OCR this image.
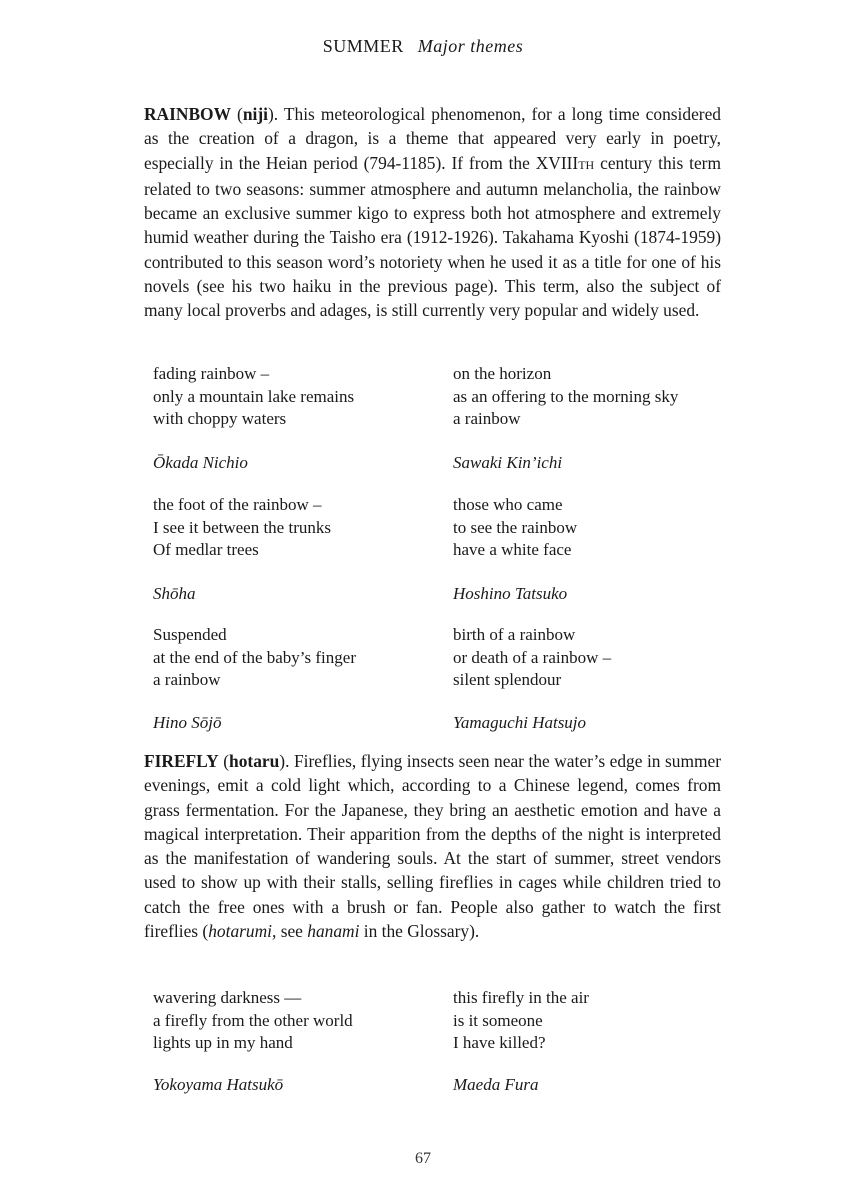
SUMMER Major themes
RAINBOW (niji). This meteorological phenomenon, for a long time considered as the creation of a dragon, is a theme that appeared very early in poetry, especially in the Heian period (794-1185). If from the XVIIITH century this term related to two seasons: summer atmosphere and autumn melancholia, the rainbow became an exclusive summer kigo to express both hot atmosphere and extremely humid weather during the Taisho era (1912-1926). Takahama Kyoshi (1874-1959) contributed to this season word’s notoriety when he used it as a title for one of his novels (see his two haiku in the previous page). This term, also the subject of many local proverbs and adages, is still currently very popular and widely used.
fading rainbow –
only a mountain lake remains
with choppy waters
on the horizon
as an offering to the morning sky
a rainbow
Ōkada Nichio	Sawaki Kin’ichi
the foot of the rainbow –
I see it between the trunks
Of medlar trees
those who came
to see the rainbow
have a white face
Shōha	Hoshino Tatsuko
Suspended
at the end of the baby’s finger
a rainbow
birth of a rainbow
or death of a rainbow –
silent splendour
Hino Sōjō	Yamaguchi Hatsujo
FIREFLY (hotaru). Fireflies, flying insects seen near the water’s edge in summer evenings, emit a cold light which, according to a Chinese legend, comes from grass fermentation. For the Japanese, they bring an aesthetic emotion and have a magical interpretation. Their apparition from the depths of the night is interpreted as the manifestation of wandering souls. At the start of summer, street vendors used to show up with their stalls, selling fireflies in cages while children tried to catch the free ones with a brush or fan. People also gather to watch the first fireflies (hotarumi, see hanami in the Glossary).
wavering darkness —
a firefly from the other world
lights up in my hand
this firefly in the air
is it someone
I have killed?
Yokoyama Hatsukō	Maeda Fura
67
